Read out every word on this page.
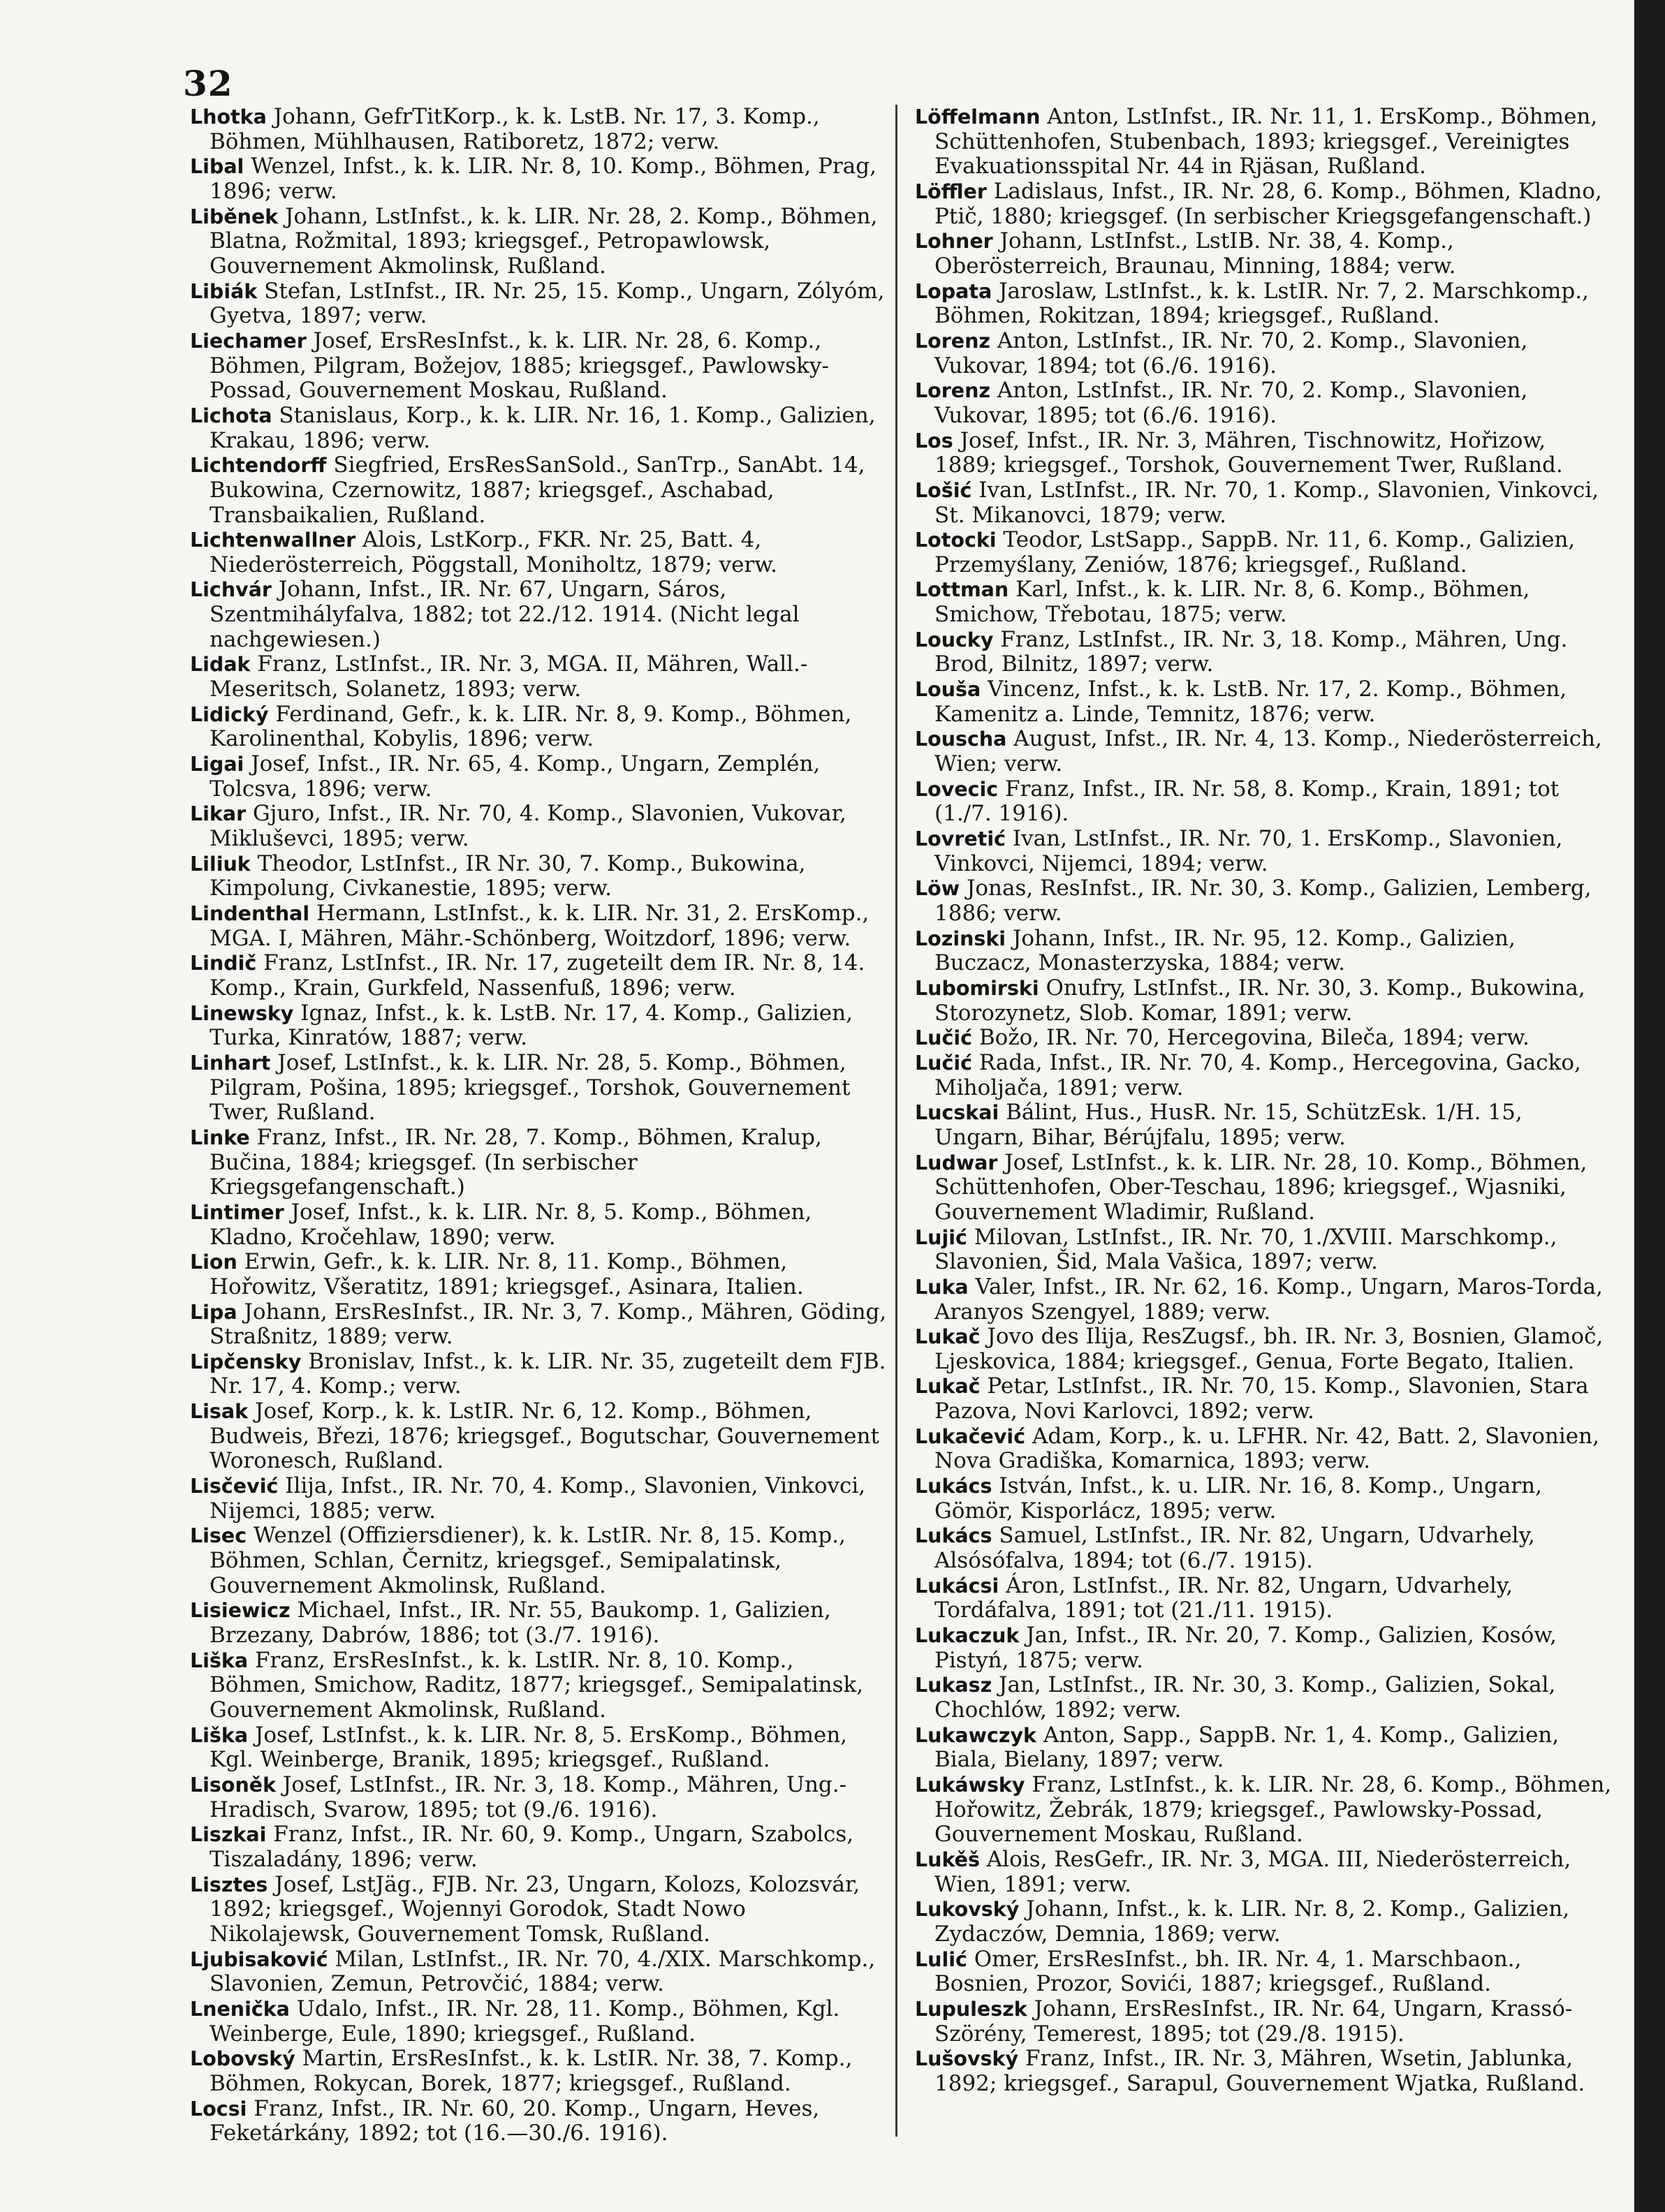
32

Lhotka Johann, GefrTitKorp., k. k. LstB. Nr. 17, 3. Komp., Böhmen, Mühlhausen, Ratiboretz, 1872; verw.

Libal Wenzel, Infst., k. k. LIR. Nr. 8, 10. Komp., Böhmen, Prag, 1896; verw.

Liběnek Johann, LstInfst., k. k. LIR. Nr. 28, 2. Komp., Böhmen, Blatna, Rožmital, 1893; kriegsgef., Petropawlowsk, Gouvernement Akmolinsk, Rußland.

Libiák Stefan, LstInfst., IR. Nr. 25, 15. Komp., Ungarn, Zólyóm, Gyetva, 1897; verw.

Liechamer Josef, ErsResInfst., k. k. LIR. Nr. 28, 6. Komp., Böhmen, Pilgram, Božejov, 1885; kriegsgef., Pawlowsky-Possad, Gouvernement Moskau, Rußland.

Lichota Stanislaus, Korp., k. k. LIR. Nr. 16, 1. Komp., Galizien, Krakau, 1896; verw.

Lichtendorff Siegfried, ErsResSanSold., SanTrp., SanAbt. 14, Bukowina, Czernowitz, 1887; kriegsgef., Aschabad, Transbaikalien, Rußland.

Lichtenwallner Alois, LstKorp., FKR. Nr. 25, Batt. 4, Niederösterreich, Pöggstall, Moniholtz, 1879; verw.

Lichvár Johann, Infst., IR. Nr. 67, Ungarn, Sáros, Szentmihályfalva, 1882; tot 22./12. 1914. (Nicht legal nachgewiesen.)

Lidak Franz, LstInfst., IR. Nr. 3, MGA. II, Mähren, Wall.-Meseritsch, Solanetz, 1893; verw.

Lidický Ferdinand, Gefr., k. k. LIR. Nr. 8, 9. Komp., Böhmen, Karolinenthal, Kobylis, 1896; verw.

Ligai Josef, Infst., IR. Nr. 65, 4. Komp., Ungarn, Zemplén, Tolcsva, 1896; verw.

Likar Gjuro, Infst., IR. Nr. 70, 4. Komp., Slavonien, Vukovar, Mikluševci, 1895; verw.

Liliuk Theodor, LstInfst., IR Nr. 30, 7. Komp., Bukowina, Kimpolung, Civkanestie, 1895; verw.

Lindenthal Hermann, LstInfst., k. k. LIR. Nr. 31, 2. ErsKomp., MGA. I, Mähren, Mähr.-Schönberg, Woitzdorf, 1896; verw.

Lindič Franz, LstInfst., IR. Nr. 17, zugeteilt dem IR. Nr. 8, 14. Komp., Krain, Gurkfeld, Nassenfuß, 1896; verw.

Linewsky Ignaz, Infst., k. k. LstB. Nr. 17, 4. Komp., Galizien, Turka, Kinratów, 1887; verw.

Linhart Josef, LstInfst., k. k. LIR. Nr. 28, 5. Komp., Böhmen, Pilgram, Pošina, 1895; kriegsgef., Torshok, Gouvernement Twer, Rußland.

Linke Franz, Infst., IR. Nr. 28, 7. Komp., Böhmen, Kralup, Bučina, 1884; kriegsgef. (In serbischer Kriegsgefangenschaft.)

Lintimer Josef, Infst., k. k. LIR. Nr. 8, 5. Komp., Böhmen, Kladno, Kročehlaw, 1890; verw.

Lion Erwin, Gefr., k. k. LIR. Nr. 8, 11. Komp., Böhmen, Hořowitz, Všeratitz, 1891; kriegsgef., Asinara, Italien.

Lipa Johann, ErsResInfst., IR. Nr. 3, 7. Komp., Mähren, Göding, Straßnitz, 1889; verw.

Lipčensky Bronislav, Infst., k. k. LIR. Nr. 35, zugeteilt dem FJB. Nr. 17, 4. Komp.; verw.

Lisak Josef, Korp., k. k. LstIR. Nr. 6, 12. Komp., Böhmen, Budweis, Březi, 1876; kriegsgef., Bogutschar, Gouvernement Woronesch, Rußland.

Lisčević Ilija, Infst., IR. Nr. 70, 4. Komp., Slavonien, Vinkovci, Nijemci, 1885; verw.

Lisec Wenzel (Offiziersdiener), k. k. LstIR. Nr. 8, 15. Komp., Böhmen, Schlan, Černitz, kriegsgef., Semipalatinsk, Gouvernement Akmolinsk, Rußland.

Lisiewicz Michael, Infst., IR. Nr. 55, Baukomp. 1, Galizien, Brzezany, Dabrów, 1886; tot (3./7. 1916).

Liška Franz, ErsResInfst., k. k. LstIR. Nr. 8, 10. Komp., Böhmen, Smichow, Raditz, 1877; kriegsgef., Semipalatinsk, Gouvernement Akmolinsk, Rußland.

Liška Josef, LstInfst., k. k. LIR. Nr. 8, 5. ErsKomp., Böhmen, Kgl. Weinberge, Branik, 1895; kriegsgef., Rußland.

Lisoněk Josef, LstInfst., IR. Nr. 3, 18. Komp., Mähren, Ung.-Hradisch, Svarow, 1895; tot (9./6. 1916).

Liszkai Franz, Infst., IR. Nr. 60, 9. Komp., Ungarn, Szabolcs, Tiszaladány, 1896; verw.

Lisztes Josef, LstJäg., FJB. Nr. 23, Ungarn, Kolozs, Kolozsvár, 1892; kriegsgef., Wojennyi Gorodok, Stadt Nowo Nikolajewsk, Gouvernement Tomsk, Rußland.

Ljubisaković Milan, LstInfst., IR. Nr. 70, 4./XIX. Marschkomp., Slavonien, Zemun, Petrovčić, 1884; verw.

Lnenička Udalo, Infst., IR. Nr. 28, 11. Komp., Böhmen, Kgl. Weinberge, Eule, 1890; kriegsgef., Rußland.

Lobovský Martin, ErsResInfst., k. k. LstIR. Nr. 38, 7. Komp., Böhmen, Rokycan, Borek, 1877; kriegsgef., Rußland.

Locsi Franz, Infst., IR. Nr. 60, 20. Komp., Ungarn, Heves, Feketárkány, 1892; tot (16.—30./6. 1916).

Löffelmann Anton, LstInfst., IR. Nr. 11, 1. ErsKomp., Böhmen, Schüttenhofen, Stubenbach, 1893; kriegsgef., Vereinigtes Evakuationsspital Nr. 44 in Rjäsan, Rußland.

Löffler Ladislaus, Infst., IR. Nr. 28, 6. Komp., Böhmen, Kladno, Ptič, 1880; kriegsgef. (In serbischer Kriegsgefangenschaft.)

Lohner Johann, LstInfst., LstIB. Nr. 38, 4. Komp., Oberösterreich, Braunau, Minning, 1884; verw.

Lopata Jaroslaw, LstInfst., k. k. LstIR. Nr. 7, 2. Marschkomp., Böhmen, Rokitzan, 1894; kriegsgef., Rußland.

Lorenz Anton, LstInfst., IR. Nr. 70, 2. Komp., Slavonien, Vukovar, 1894; tot (6./6. 1916).

Lorenz Anton, LstInfst., IR. Nr. 70, 2. Komp., Slavonien, Vukovar, 1895; tot (6./6. 1916).

Los Josef, Infst., IR. Nr. 3, Mähren, Tischnowitz, Hořizow, 1889; kriegsgef., Torshok, Gouvernement Twer, Rußland.

Lošić Ivan, LstInfst., IR. Nr. 70, 1. Komp., Slavonien, Vinkovci, St. Mikanovci, 1879; verw.

Lotocki Teodor, LstSapp., SappB. Nr. 11, 6. Komp., Galizien, Przemyślany, Zeniów, 1876; kriegsgef., Rußland.

Lottman Karl, Infst., k. k. LIR. Nr. 8, 6. Komp., Böhmen, Smichow, Třebotau, 1875; verw.

Loucky Franz, LstInfst., IR. Nr. 3, 18. Komp., Mähren, Ung. Brod, Bilnitz, 1897; verw.

Louša Vincenz, Infst., k. k. LstB. Nr. 17, 2. Komp., Böhmen, Kamenitz a. Linde, Temnitz, 1876; verw.

Louscha August, Infst., IR. Nr. 4, 13. Komp., Niederösterreich, Wien; verw.

Lovecic Franz, Infst., IR. Nr. 58, 8. Komp., Krain, 1891; tot (1./7. 1916).

Lovretić Ivan, LstInfst., IR. Nr. 70, 1. ErsKomp., Slavonien, Vinkovci, Nijemci, 1894; verw.

Löw Jonas, ResInfst., IR. Nr. 30, 3. Komp., Galizien, Lemberg, 1886; verw.

Lozinski Johann, Infst., IR. Nr. 95, 12. Komp., Galizien, Buczacz, Monasterzyska, 1884; verw.

Lubomirski Onufry, LstInfst., IR. Nr. 30, 3. Komp., Bukowina, Storozynetz, Slob. Komar, 1891; verw.

Lučić Božo, IR. Nr. 70, Hercegovina, Bileča, 1894; verw.

Lučić Rada, Infst., IR. Nr. 70, 4. Komp., Hercegovina, Gacko, Miholjača, 1891; verw.

Lucskai Bálint, Hus., HusR. Nr. 15, SchützEsk. 1/H. 15, Ungarn, Bihar, Bérújfalu, 1895; verw.

Ludwar Josef, LstInfst., k. k. LIR. Nr. 28, 10. Komp., Böhmen, Schüttenhofen, Ober-Teschau, 1896; kriegsgef., Wjasniki, Gouvernement Wladimir, Rußland.

Lujić Milovan, LstInfst., IR. Nr. 70, 1./XVIII. Marschkomp., Slavonien, Šid, Mala Vašica, 1897; verw.

Luka Valer, Infst., IR. Nr. 62, 16. Komp., Ungarn, Maros-Torda, Aranyos Szengyel, 1889; verw.

Lukač Jovo des Ilija, ResZugsf., bh. IR. Nr. 3, Bosnien, Glamoč, Ljeskovica, 1884; kriegsgef., Genua, Forte Begato, Italien.

Lukač Petar, LstInfst., IR. Nr. 70, 15. Komp., Slavonien, Stara Pazova, Novi Karlovci, 1892; verw.

Lukačević Adam, Korp., k. u. LFHR. Nr. 42, Batt. 2, Slavonien, Nova Gradiška, Komarnica, 1893; verw.

Lukács István, Infst., k. u. LIR. Nr. 16, 8. Komp., Ungarn, Gömör, Kisporlácz, 1895; verw.

Lukács Samuel, LstInfst., IR. Nr. 82, Ungarn, Udvarhely, Alsósófalva, 1894; tot (6./7. 1915).

Lukácsi Áron, LstInfst., IR. Nr. 82, Ungarn, Udvarhely, Tordáfalva, 1891; tot (21./11. 1915).

Lukaczuk Jan, Infst., IR. Nr. 20, 7. Komp., Galizien, Kosów, Pistyń, 1875; verw.

Lukasz Jan, LstInfst., IR. Nr. 30, 3. Komp., Galizien, Sokal, Chochlów, 1892; verw.

Lukawczyk Anton, Sapp., SappB. Nr. 1, 4. Komp., Galizien, Biala, Bielany, 1897; verw.

Lukáwsky Franz, LstInfst., k. k. LIR. Nr. 28, 6. Komp., Böhmen, Hořowitz, Žebrák, 1879; kriegsgef., Pawlowsky-Possad, Gouvernement Moskau, Rußland.

Lukěš Alois, ResGefr., IR. Nr. 3, MGA. III, Niederösterreich, Wien, 1891; verw.

Lukovský Johann, Infst., k. k. LIR. Nr. 8, 2. Komp., Galizien, Zydaczów, Demnia, 1869; verw.

Lulić Omer, ErsResInfst., bh. IR. Nr. 4, 1. Marschbaon., Bosnien, Prozor, Sovići, 1887; kriegsgef., Rußland.

Lupuleszk Johann, ErsResInfst., IR. Nr. 64, Ungarn, Krassó-Szörény, Temerest, 1895; tot (29./8. 1915).

Lušovský Franz, Infst., IR. Nr. 3, Mähren, Wsetin, Jablunka, 1892; kriegsgef., Sarapul, Gouvernement Wjatka, Rußland.
